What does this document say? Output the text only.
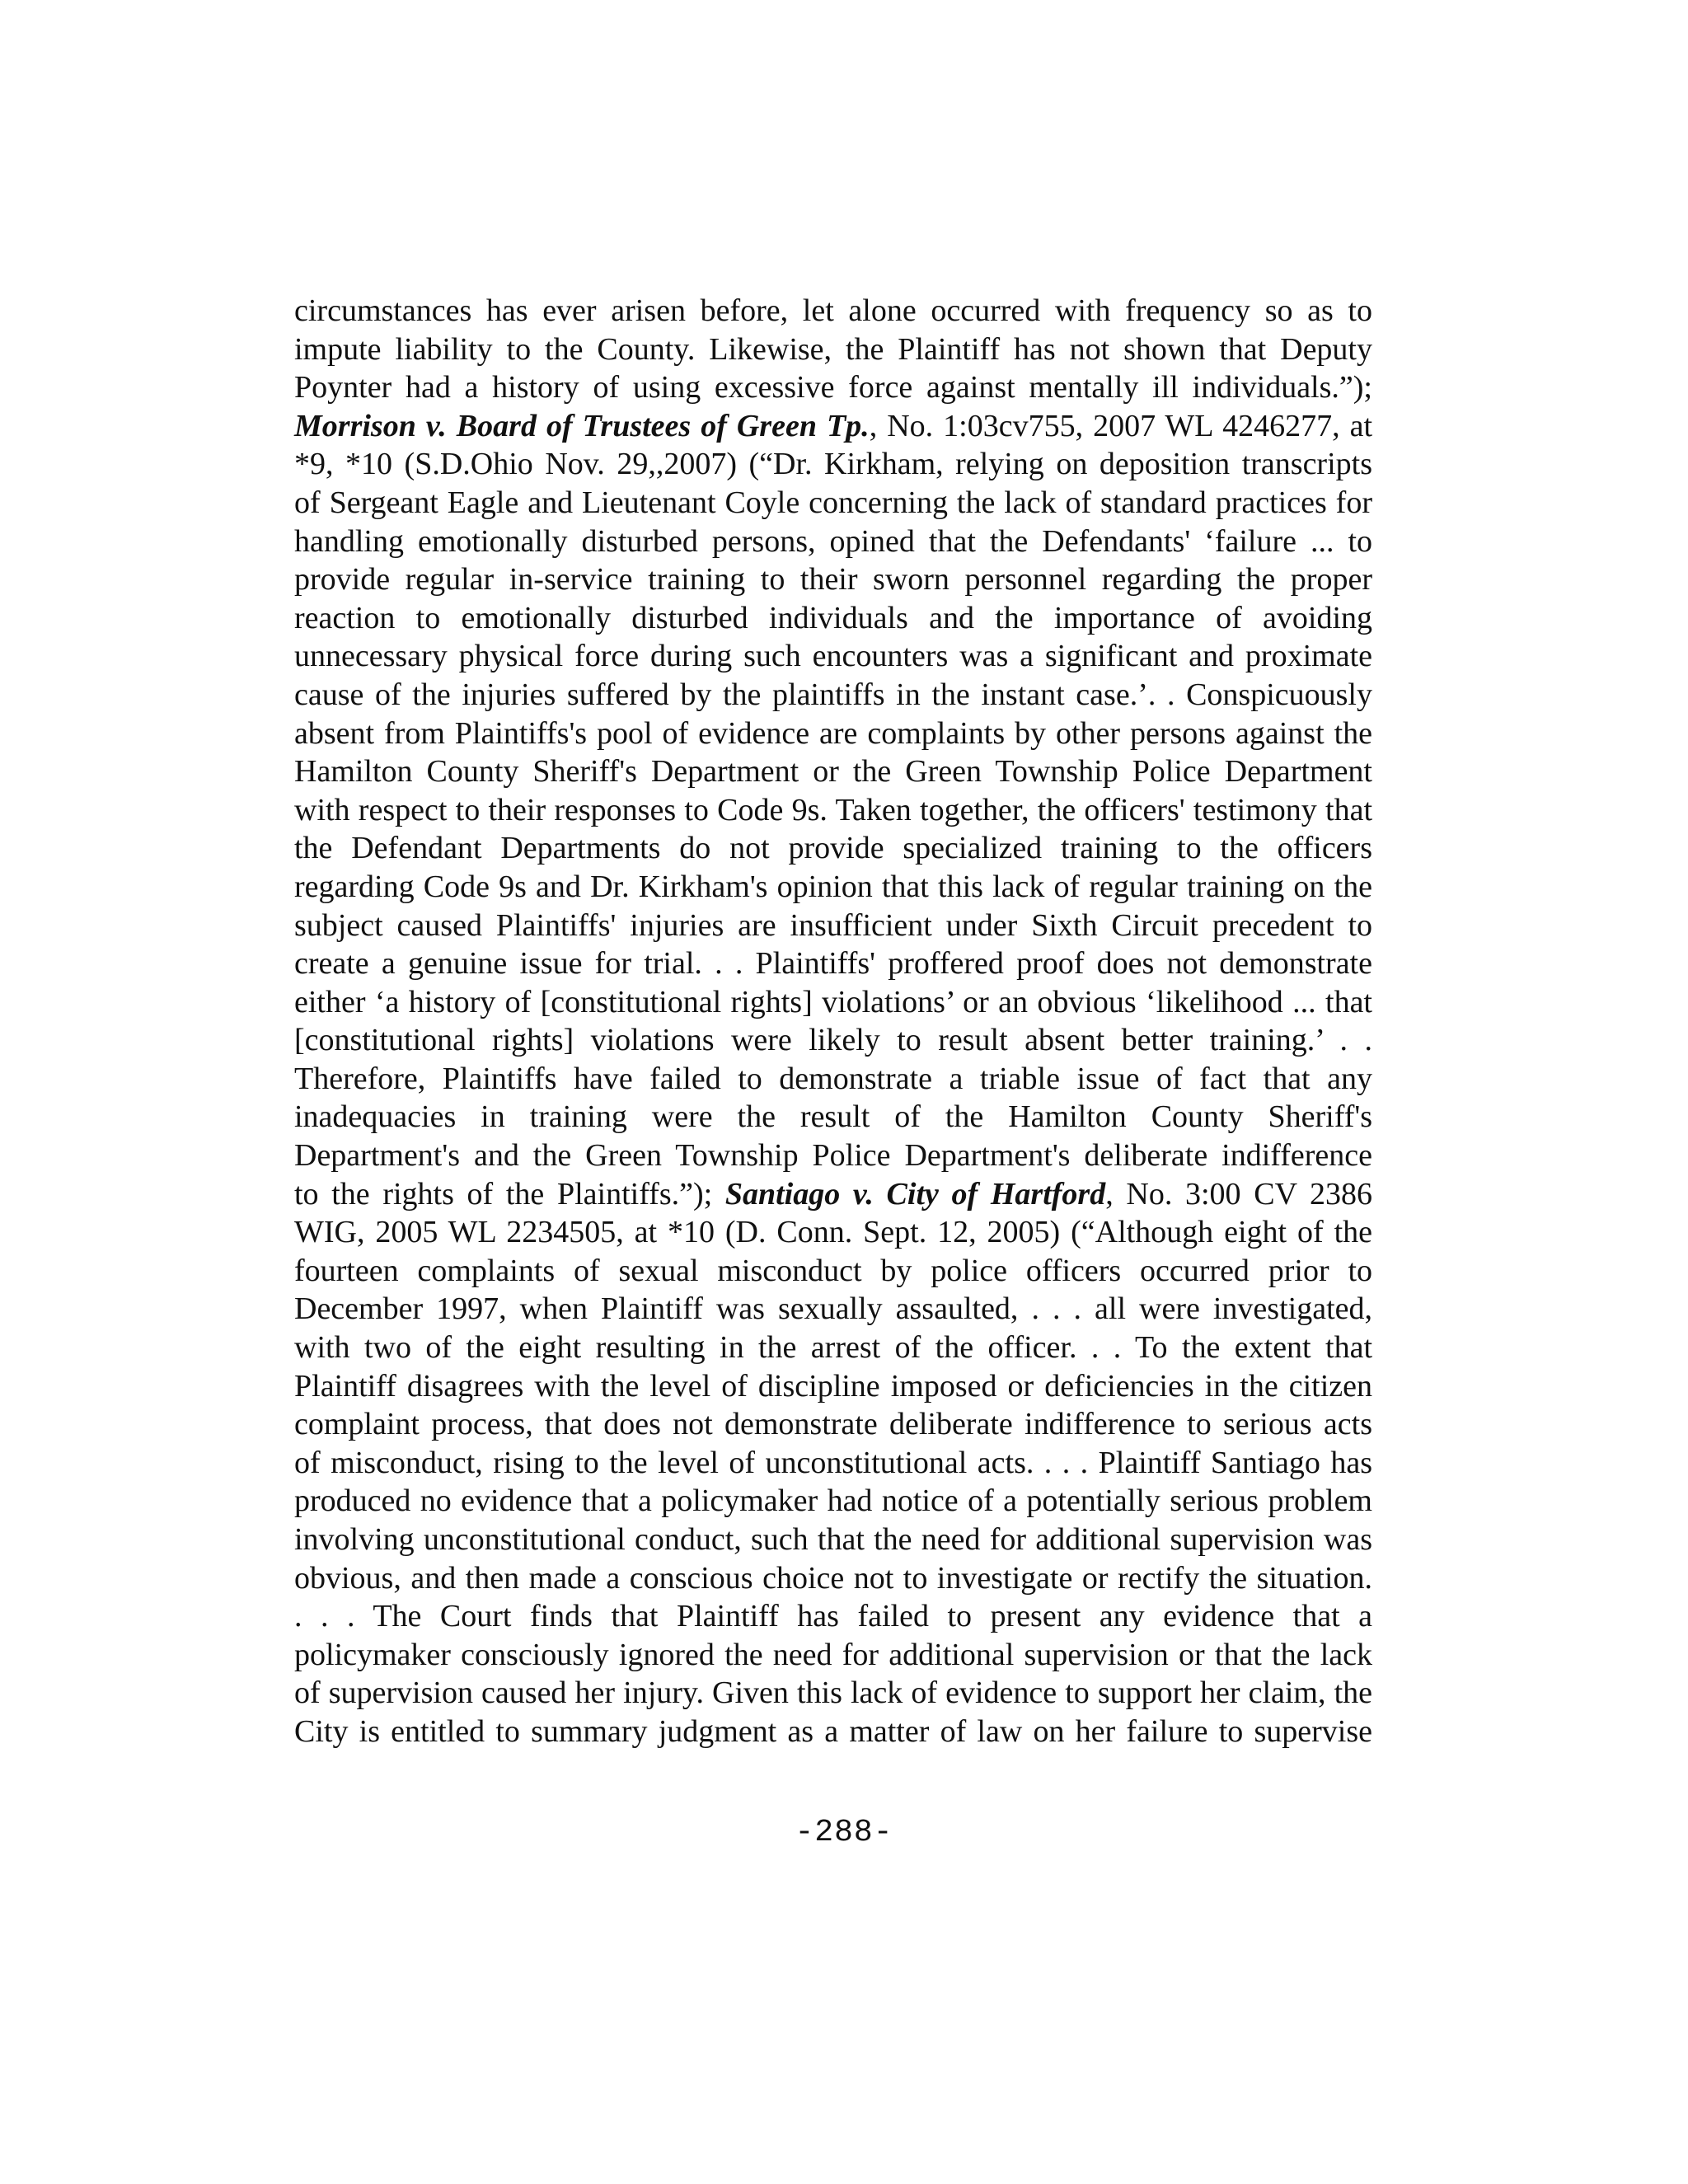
circumstances has ever arisen before, let alone occurred with frequency so as to
impute liability to the County. Likewise, the Plaintiff has not shown that Deputy
Poynter had a history of using excessive force against mentally ill individuals.”);
Morrison v. Board of Trustees of Green Tp., No. 1:03cv755, 2007 WL 4246277, at
*9, *10 (S.D.Ohio Nov. 29,,2007) (“Dr. Kirkham, relying on deposition transcripts
of Sergeant Eagle and Lieutenant Coyle concerning the lack of standard practices for
handling emotionally disturbed persons, opined that the Defendants' ‘failure ... to
provide regular in-service training to their sworn personnel regarding the proper
reaction to emotionally disturbed individuals and the importance of avoiding
unnecessary physical force during such encounters was a significant and proximate
cause of the injuries suffered by the plaintiffs in the instant case.’. . Conspicuously
absent from Plaintiffs's pool of evidence are complaints by other persons against the
Hamilton County Sheriff's Department or the Green Township Police Department
with respect to their responses to Code 9s. Taken together, the officers' testimony that
the Defendant Departments do not provide specialized training to the officers
regarding Code 9s and Dr. Kirkham's opinion that this lack of regular training on the
subject caused Plaintiffs' injuries are insufficient under Sixth Circuit precedent to
create a genuine issue for trial. . . Plaintiffs' proffered proof does not demonstrate
either ‘a history of [constitutional rights] violations’ or an obvious ‘likelihood ... that
[constitutional rights] violations were likely to result absent better training.’ . .
Therefore, Plaintiffs have failed to demonstrate a triable issue of fact that any
inadequacies in training were the result of the Hamilton County Sheriff's
Department's and the Green Township Police Department's deliberate indifference
to the rights of the Plaintiffs.”); Santiago v. City of Hartford, No. 3:00 CV 2386
WIG, 2005 WL 2234505, at *10 (D. Conn. Sept. 12, 2005) (“Although eight of the
fourteen complaints of sexual misconduct by police officers occurred prior to
December 1997, when Plaintiff was sexually assaulted, . . . all were investigated,
with two of the eight resulting in the arrest of the officer. . . To the extent that
Plaintiff disagrees with the level of discipline imposed or deficiencies in the citizen
complaint process, that does not demonstrate deliberate indifference to serious acts
of misconduct, rising to the level of unconstitutional acts. . . . Plaintiff Santiago has
produced no evidence that a policymaker had notice of a potentially serious problem
involving unconstitutional conduct, such that the need for additional supervision was
obvious, and then made a conscious choice not to investigate or rectify the situation.
. . . The Court finds that Plaintiff has failed to present any evidence that a
policymaker consciously ignored the need for additional supervision or that the lack
of supervision caused her injury. Given this lack of evidence to support her claim, the
City is entitled to summary judgment as a matter of law on her failure to supervise
-288-
